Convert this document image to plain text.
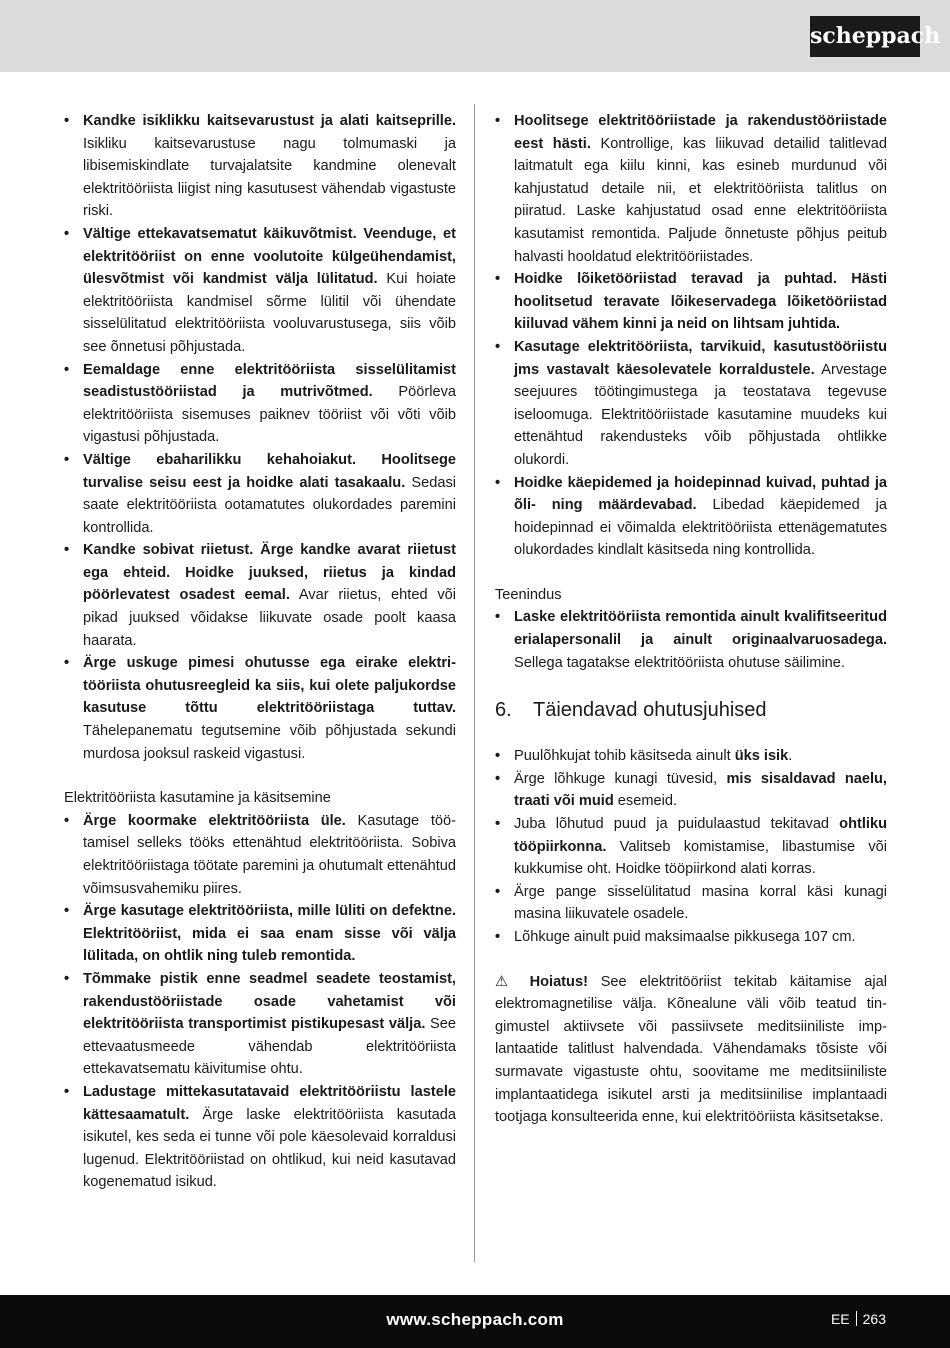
scheppach
• Kandke isiklikku kaitsevarustust ja alati kaitseprille. Isikliku kaitsevarustuse nagu tolmumaski ja libisemiskindlate turvajalatsite kandmine olenevalt elektritööriista liigist ning kasutusest vähendab vigastuste riski.
• Vältige ettekavatsematut käikuvõtmist. Veenduge, et elektritööriist on enne voolutoite külgeühendamist, ülesvõtmist või kandmist välja lülitatud. Kui hoiate elektritööriista kandmisel sõrme lülitil või ühendate sisselülitatud elektritööriista vooluvarustusega, siis võib see õnnetusi põhjustada.
• Eemaldage enne elektritööriista sisselülitamist seadistustööriistad ja mutrivõtmed. Pöörleva elektritööriista sisemuses paiknev tööriist või võti võib vigastusi põhjustada.
• Vältige ebaharilikku kehahoiakut. Hoolitsege turvalise seisu eest ja hoidke alati tasakaalu. Sedasi saate elektritööriista ootamatutes olukordades paremini kontrollida.
• Kandke sobivat riietust. Ärge kandke avarat riietust ega ehteid. Hoidke juuksed, riietus ja kindad pöörlevatest osadest eemal. Avar riietus, ehted või pikad juuksed võidakse liikuvate osade poolt kaasa haarata.
• Ärge uskuge pimesi ohutusse ega eirake elektritööriista ohutusreegleid ka siis, kui olete paljukordse kasutuse tõttu elektritööriistaga tuttav. Tähelepanematu tegutsemine võib põhjustada sekundi murdosa jooksul raskeid vigastusi.

Elektritööriista kasutamine ja käsitsemine

• Ärge koormake elektritööriista üle. Kasutage töötamisel selleks tööks ettenähtud elektritööriista. Sobiva elektritööriistaga töötate paremini ja ohutumalt ettenähtud võimsusvahemiku piires.
• Ärge kasutage elektritööriista, mille lüliti on defektne. Elektritööriist, mida ei saa enam sisse või välja lülitada, on ohtlik ning tuleb remontida.
• Tõmmake pistik enne seadmel seadete teostamist, rakendustööriistade osade vahetamist või elektritööriista transportimist pistikupesast välja. See ettevaatusmeede vähendab elektritööriista ettekavatsematu käivitumise ohtu.
• Ladustage mittekasutatavaid elektritööriistu lastele kättesaamatult. Ärge laske elektritööriista kasutada isikutel, kes seda ei tunne või pole käesolevaid korraldusi lugenud. Elektritööriistad on ohtlikud, kui neid kasutavad kogenematud isikud.
• Hoolitsege elektritööriistade ja rakendustööriistade eest hästi. Kontrollige, kas liikuvad detailid talitlevad laitmatult ega kiilu kinni, kas esineb murdunud või kahjustatud detaile nii, et elektritööriista talitlus on piiratud. Laske kahjustatud osad enne elektritööriista kasutamist remontida. Paljude õnnetuste põhjus peitub halvasti hooldatud elektritööriistades.
• Hoidke lõiketööriistad teravad ja puhtad. Hästi hoolitsetud teravate lõikeservadega lõiketööriistad kiiluvad vähem kinni ja neid on lihtsam juhtida.
• Kasutage elektritööriista, tarvikuid, kasutustööriistu jms vastavalt käesolevatele korraldustele. Arvestage seejuures töötingimustega ja teostatava tegevuse iseloomuga. Elektritööriistade kasutamine muudeks kui ettenähtud rakendusteks võib põhjustada ohtlikke olukordi.
• Hoidke käepidemed ja hoidepinnad kuivad, puhtad ja õli- ning määrdevabad. Libedad käepidemed ja hoidepinnad ei võimalda elektritööriista ettenägematutes olukordades kindlalt käsitseda ning kontrollida.

Teenindus

• Laske elektritööriista remontida ainult kvalifitseeritud erialapersonalil ja ainult originaalvaruosadega. Sellega tagatakse elektritööriista ohutuse säilimine.
6.	Täiendavad ohutusjuhised
• Puulõhkujat tohib käsitseda ainult üks isik.
• Ärge lõhkuge kunagi tüvesid, mis sisaldavad naelu, traati või muid esemeid.
• Juba lõhutud puud ja puidulaastud tekitavad ohtliku tööpiirkonna. Valitseb komistamise, libastumise või kukkumise oht. Hoidke tööpiirkond alati korras.
• Ärge pange sisselülitatud masina korral käsi kunagi masina liikuvatele osadele.
• Lõhkuge ainult puid maksimaalse pikkusega 107 cm.

⚠ Hoiatus! See elektritööriist tekitab käitamise ajal elektromagnetilise välja. Kõnealune väli võib teatud tingimustel aktiivsete või passiivsete meditsiiniliste implantaatide talitlust halvendada. Vähendamaks tõsiste või surmavate vigastuste ohtu, soovitame me meditsiiniliste implantaatidega isikutel arsti ja meditsiinilise implantaadi tootjaga konsulteerida enne, kui elektritööriista käsitsetakse.

www.scheppach.com	EE 263
